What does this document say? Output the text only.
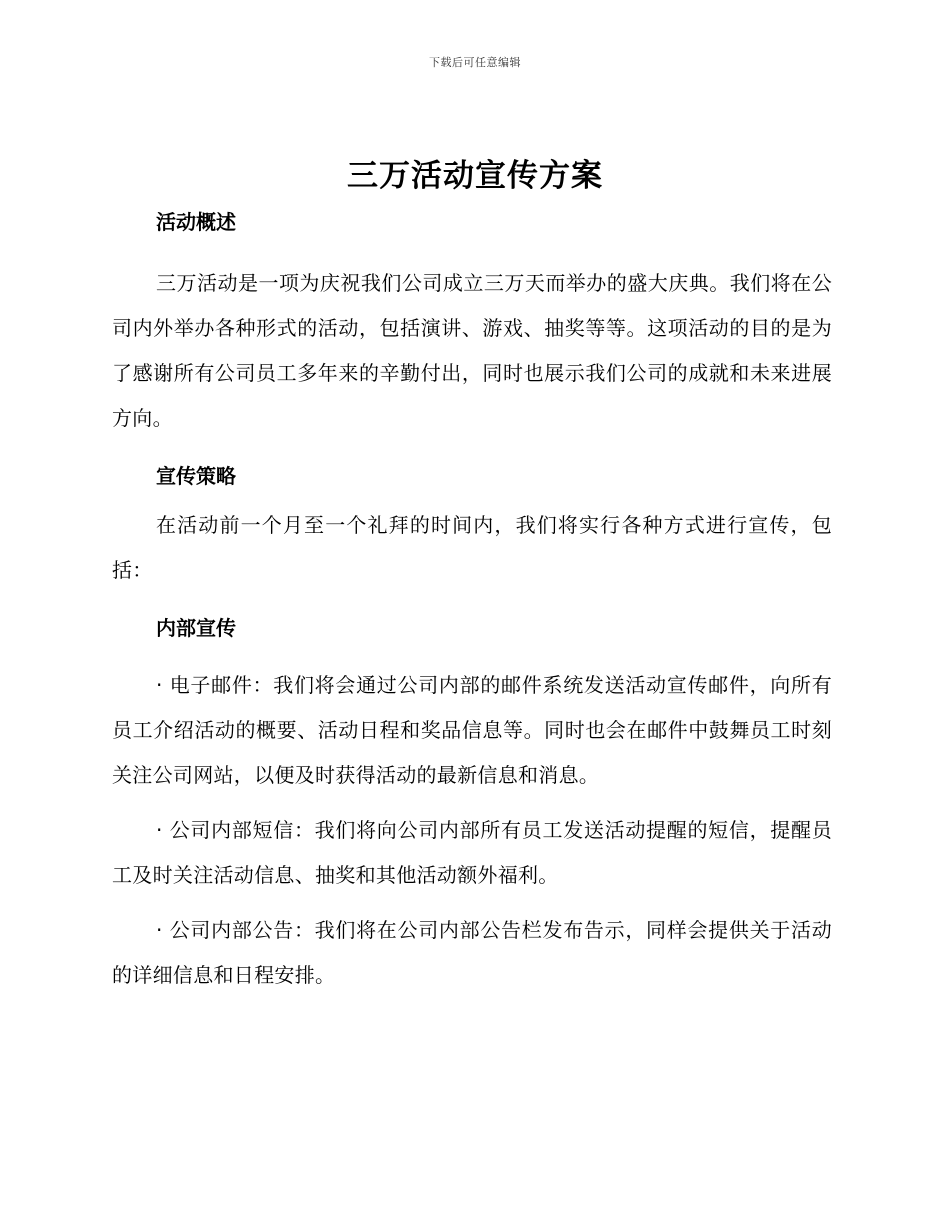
下载后可任意编辑
三万活动宣传方案
活动概述

三万活动是一项为庆祝我们公司成立三万天而举办的盛大庆典。我们将在公司内外举办各种形式的活动，包括演讲、游戏、抽奖等等。这项活动的目的是为了感谢所有公司员工多年来的辛勤付出，同时也展示我们公司的成就和未来进展方向。

宣传策略

在活动前一个月至一个礼拜的时间内，我们将实行各种方式进行宣传，包括：

内部宣传

· 电子邮件：我们将会通过公司内部的邮件系统发送活动宣传邮件，向所有员工介绍活动的概要、活动日程和奖品信息等。同时也会在邮件中鼓舞员工时刻关注公司网站，以便及时获得活动的最新信息和消息。

· 公司内部短信：我们将向公司内部所有员工发送活动提醒的短信，提醒员工及时关注活动信息、抽奖和其他活动额外福利。

· 公司内部公告：我们将在公司内部公告栏发布告示，同样会提供关于活动的详细信息和日程安排。
